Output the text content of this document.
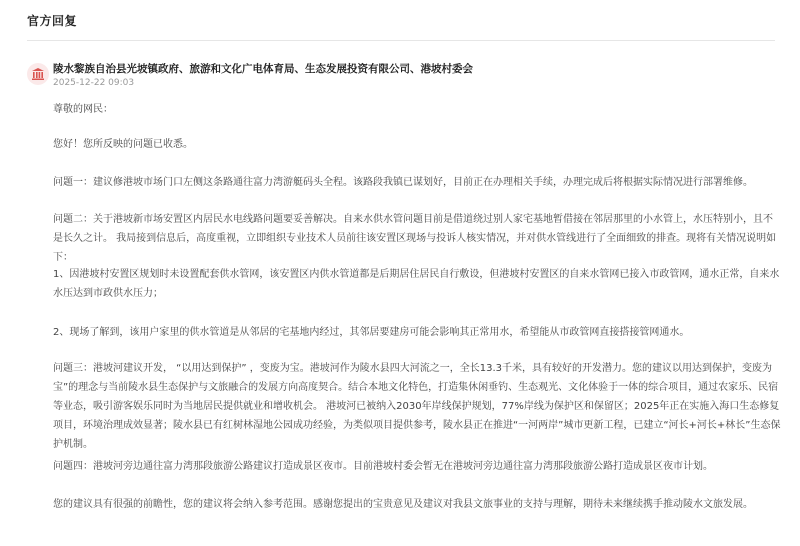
官方回复
陵水黎族自治县光坡镇政府、旅游和文化广电体育局、生态发展投资有限公司、港坡村委会
2025-12-22 09:03
尊敬的网民：
您好！您所反映的问题已收悉。
问题一：建议修港坡市场门口左侧这条路通往富力湾游艇码头全程。该路段我镇已谋划好，目前正在办理相关手续，办理完成后将根据实际情况进行部署维修。
问题二：关于港坡新市场安置区内居民水电线路问题要妥善解决。自来水供水管问题目前是借道绕过别人家宅基地暂借接在邻居那里的小水管上，水压特别小，且不是长久之计。 我局接到信息后，高度重视，立即组织专业技术人员前往该安置区现场与投诉人核实情况，并对供水管线进行了全面细致的排查。现将有关情况说明如下：
1、因港坡村安置区规划时未设置配套供水管网，该安置区内供水管道都是后期居住居民自行敷设，但港坡村安置区的自来水管网已接入市政管网，通水正常，自来水水压达到市政供水压力；
2、现场了解到，该用户家里的供水管道是从邻居的宅基地内经过，其邻居要建房可能会影响其正常用水，希望能从市政管网直接搭接管网通水。
问题三：港坡河建议开发， “以用达到保护” ，变废为宝。港坡河作为陵水县四大河流之一，全长13.3千米，具有较好的开发潜力。您的建议以用达到保护，变废为宝”的理念与当前陵水县生态保护与文旅融合的发展方向高度契合。结合本地文化特色，打造集休闲垂钓、生态观光、文化体验于一体的综合项目，通过农家乐、民宿等业态，吸引游客娱乐同时为当地居民提供就业和增收机会。 港坡河已被纳入2030年岸线保护规划，77%岸线为保护区和保留区；2025年正在实施入海口生态修复项目，环境治理成效显著；陵水县已有红树林湿地公园成功经验，为类似项目提供参考，陵水县正在推进“一河两岸”城市更新工程，已建立“河长+河长+林长”生态保护机制。
问题四：港坡河旁边通往富力湾那段旅游公路建议打造成景区夜市。目前港坡村委会暂无在港坡河旁边通往富力湾那段旅游公路打造成景区夜市计划。
您的建议具有很强的前瞻性，您的建议将会纳入参考范围。感谢您提出的宝贵意见及建议对我县文旅事业的支持与理解，期待未来继续携手推动陵水文旅发展。
